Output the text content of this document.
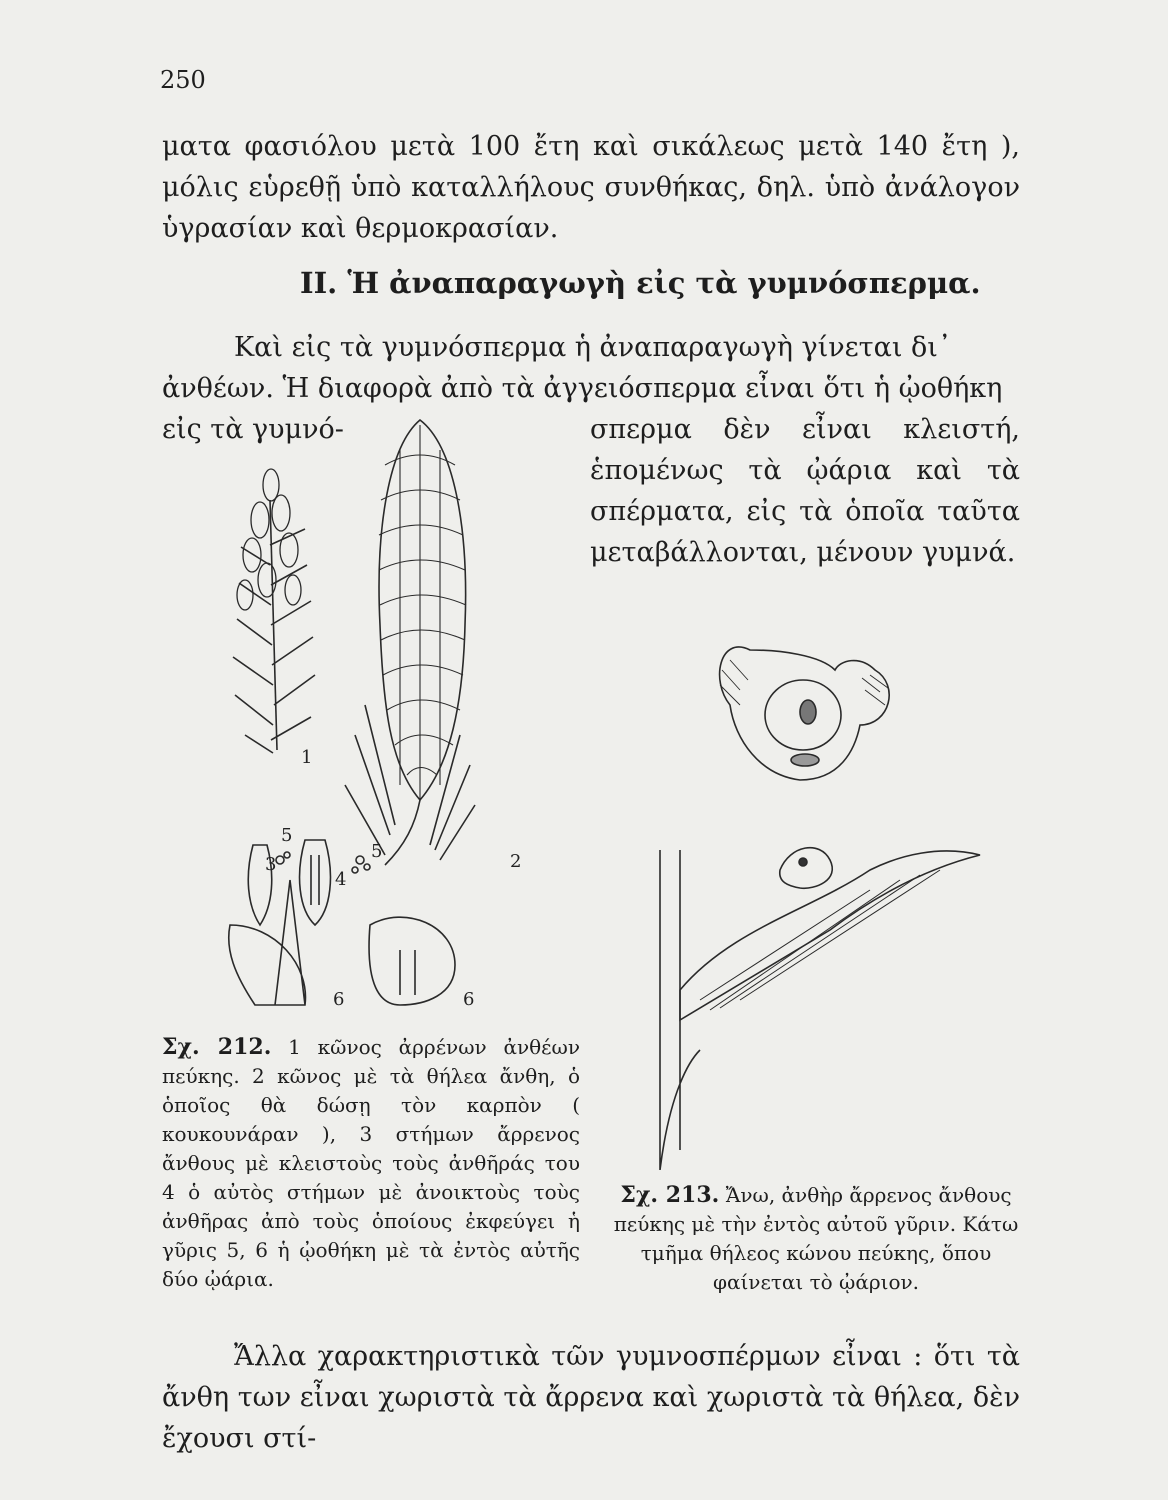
250
ματα φασιόλου μετὰ 100 ἔτη καὶ σικάλεως μετὰ 140 ἔτη ), μόλις εὑρεθῇ ὑπὸ καταλλήλους συνθήκας, δηλ. ὑπὸ ἀνάλογον ὑγρασίαν καὶ θερμοκρασίαν.
ΙΙ. Ἡ ἀναπαραγωγὴ εἰς τὰ γυμνόσπερμα.
Καὶ εἰς τὰ γυμνόσπερμα ἡ ἀναπαραγωγὴ γίνεται δι᾿ ἀνθέων. Ἡ διαφορὰ ἀπὸ τὰ ἀγγειόσπερμα εἶναι ὅτι ἡ ᾠοθήκη εἰς τὰ γυμνό-	σπερμα δὲν εἶναι κλειστή, ἑπομένως τὰ ᾠάρια καὶ τὰ σπέρματα, εἰς τὰ ὁποῖα ταῦτα μεταβάλλονται, μένουν γυμνά.
1
2
3
4
5
5
6	6
Σχ. 212. 1 κῶνος ἀρρένων ἀνθέων πεύκης. 2 κῶνος μὲ τὰ θήλεα ἄνθη, ὁ ὁποῖος θὰ δώσῃ τὸν καρπὸν ( κουκουνάραν ), 3 στήμων ἄρρενος ἄνθους μὲ κλειστοὺς τοὺς ἀνθῆράς του 4 ὁ αὐτὸς στήμων μὲ ἀνοικτοὺς τοὺς ἀνθῆρας ἀπὸ τοὺς ὁποίους ἐκφεύγει ἡ γῦρις 5, 6 ἡ ᾠοθήκη μὲ τὰ ἐντὸς αὐτῆς δύο ᾠάρια.
Σχ. 213. Ἄνω, ἀνθὴρ ἄρρενος ἄνθους πεύκης μὲ τὴν ἐντὸς αὐτοῦ γῦριν. Κάτω τμῆμα θήλεος κώνου πεύκης, ὅπου φαίνεται τὸ ᾠάριον.
Ἄλλα χαρακτηριστικὰ τῶν γυμνοσπέρμων εἶναι : ὅτι τὰ ἄνθη των εἶναι χωριστὰ τὰ ἄρρενα καὶ χωριστὰ τὰ θήλεα, δὲν ἔχουσι στί-
